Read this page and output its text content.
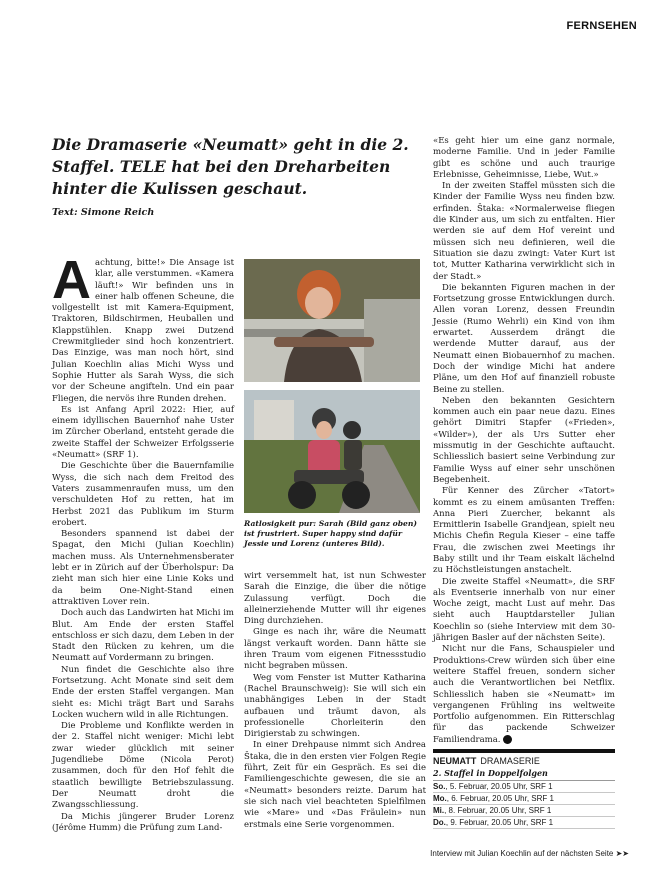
FERNSEHEN
Die Dramaserie «Neumatt» geht in die 2. Staffel. TELE hat bei den Dreharbeiten hinter die Kulissen geschaut.
Text: Simone Reich

Aachtung, bitte!» Die Ansage ist klar, alle verstummen. «Kamera läuft!» Wir befinden uns in einer halb offenen Scheune, die vollgestellt ist mit Kamera-Equipment, Traktoren, Bildschirmen, Heuballen und Klappstühlen. Knapp zwei Dutzend Crewmitglieder sind hoch konzentriert. Das Einzige, was man noch hört, sind Julian Koechlin alias Michi Wyss und Sophie Hutter als Sarah Wyss, die sich vor der Scheune angifteln. Und ein paar Fliegen, die nervös ihre Runden drehen.

Es ist Anfang April 2022: Hier, auf einem idyllischen Bauernhof nahe Uster im Zürcher Oberland, entsteht gerade die zweite Staffel der Schweizer Erfolgsserie «Neumatt» (SRF 1).

Die Geschichte über die Bauernfamilie Wyss, die sich nach dem Freitod des Vaters zusammenraufen muss, um den verschuldeten Hof zu retten, hat im Herbst 2021 das Publikum im Sturm erobert.

Besonders spannend ist dabei der Spagat, den Michi (Julian Koechlin) machen muss. Als Unternehmensberater lebt er in Zürich auf der Überholspur: Da zieht man sich hier eine Linie Koks und da beim One-Night-Stand einen attraktiven Lover rein.

Doch auch das Landwirten hat Michi im Blut. Am Ende der ersten Staffel entschloss er sich dazu, dem Leben in der Stadt den Rücken zu kehren, um die Neumatt auf Vordermann zu bringen.

Nun findet die Geschichte also ihre Fortsetzung. Acht Monate sind seit dem Ende der ersten Staffel vergangen. Man sieht es: Michi trägt Bart und Sarahs Locken wuchern wild in alle Richtungen.

Die Probleme und Konflikte werden in der 2. Staffel nicht weniger: Michi lebt zwar wieder glücklich mit seiner Jugendliebe Döme (Nicola Perot) zusammen, doch für den Hof fehlt die staatlich bewilligte Betriebszulassung. Der Neumatt droht die Zwangsschliessung.

Da Michis jüngerer Bruder Lorenz (Jérôme Humm) die Prüfung zum Land-

Ratlosigkeit pur: Sarah (Bild ganz oben) ist frustriert. Super happy sind dafür Jessie und Lorenz (unteres Bild).

wirt versemmelt hat, ist nun Schwester Sarah die Einzige, die über die nötige Zulassung verfügt. Doch die alleinerziehende Mutter will ihr eigenes Ding durchziehen.

Ginge es nach ihr, wäre die Neumatt längst verkauft worden. Dann hätte sie ihren Traum vom eigenen Fitnessstudio nicht begraben müssen.

Weg vom Fenster ist Mutter Katharina (Rachel Braunschweig): Sie will sich ein unabhängiges Leben in der Stadt aufbauen und träumt davon, als professionelle Chorleiterin den Dirigierstab zu schwingen.

In einer Drehpause nimmt sich Andrea Štaka, die in den ersten vier Folgen Regie führt, Zeit für ein Gespräch. Es sei die Familiengeschichte gewesen, die sie an «Neumatt» besonders reizte. Darum hat sie sich nach viel beachteten Spielfilmen wie «Mare» und «Das Fräulein» nun erstmals eine Serie vorgenommen.

«Es geht hier um eine ganz normale, moderne Familie. Und in jeder Familie gibt es schöne und auch traurige Erlebnisse, Geheimnisse, Liebe, Wut.»

In der zweiten Staffel müssten sich die Kinder der Familie Wyss neu finden bzw. erfinden. Štaka: «Normalerweise fliegen die Kinder aus, um sich zu entfalten. Hier werden sie auf dem Hof vereint und müssen sich neu definieren, weil die Situation sie dazu zwingt: Vater Kurt ist tot, Mutter Katharina verwirklicht sich in der Stadt.»

Die bekannten Figuren machen in der Fortsetzung grosse Entwicklungen durch. Allen voran Lorenz, dessen Freundin Jessie (Rumo Wehrli) ein Kind von ihm erwartet. Ausserdem drängt die werdende Mutter darauf, aus der Neumatt einen Biobauernhof zu machen. Doch der windige Michi hat andere Pläne, um den Hof auf finanziell robuste Beine zu stellen.

Neben den bekannten Gesichtern kommen auch ein paar neue dazu. Eines gehört Dimitri Stapfer («Frieden», «Wilder»), der als Urs Sutter eher missmutig in der Geschichte auftaucht. Schliesslich basiert seine Verbindung zur Familie Wyss auf einer sehr unschönen Begebenheit.

Für Kenner des Zürcher «Tatort» kommt es zu einem amüsanten Treffen: Anna Pieri Zuercher, bekannt als Ermittlerin Isabelle Grandjean, spielt neu Michis Chefin Regula Kieser – eine taffe Frau, die zwischen zwei Meetings ihr Baby stillt und ihr Team eiskalt lächelnd zu Höchstleistungen anstachelt.

Die zweite Staffel «Neumatt», die SRF als Eventserie innerhalb von nur einer Woche zeigt, macht Lust auf mehr. Das sieht auch Hauptdarsteller Julian Koechlin so (siehe Interview mit dem 30-jährigen Basler auf der nächsten Seite).

Nicht nur die Fans, Schauspieler und Produktions-Crew würden sich über eine weitere Staffel freuen, sondern sicher auch die Verantwortlichen bei Netflix. Schliesslich haben sie «Neumatt» im vergangenen Frühling ins weltweite Portfolio aufgenommen. Ein Ritterschlag für das packende Schweizer Familiendrama. T

NEUMATT DRAMASERIE
2. Staffel in Doppelfolgen
So., 5. Februar, 20.05 Uhr, SRF 1
Mo., 6. Februar, 20.05 Uhr, SRF 1
Mi., 8. Februar, 20.05 Uhr, SRF 1
Do., 9. Februar, 20.05 Uhr, SRF 1
Interview mit Julian Koechlin auf der nächsten Seite ➤➤
